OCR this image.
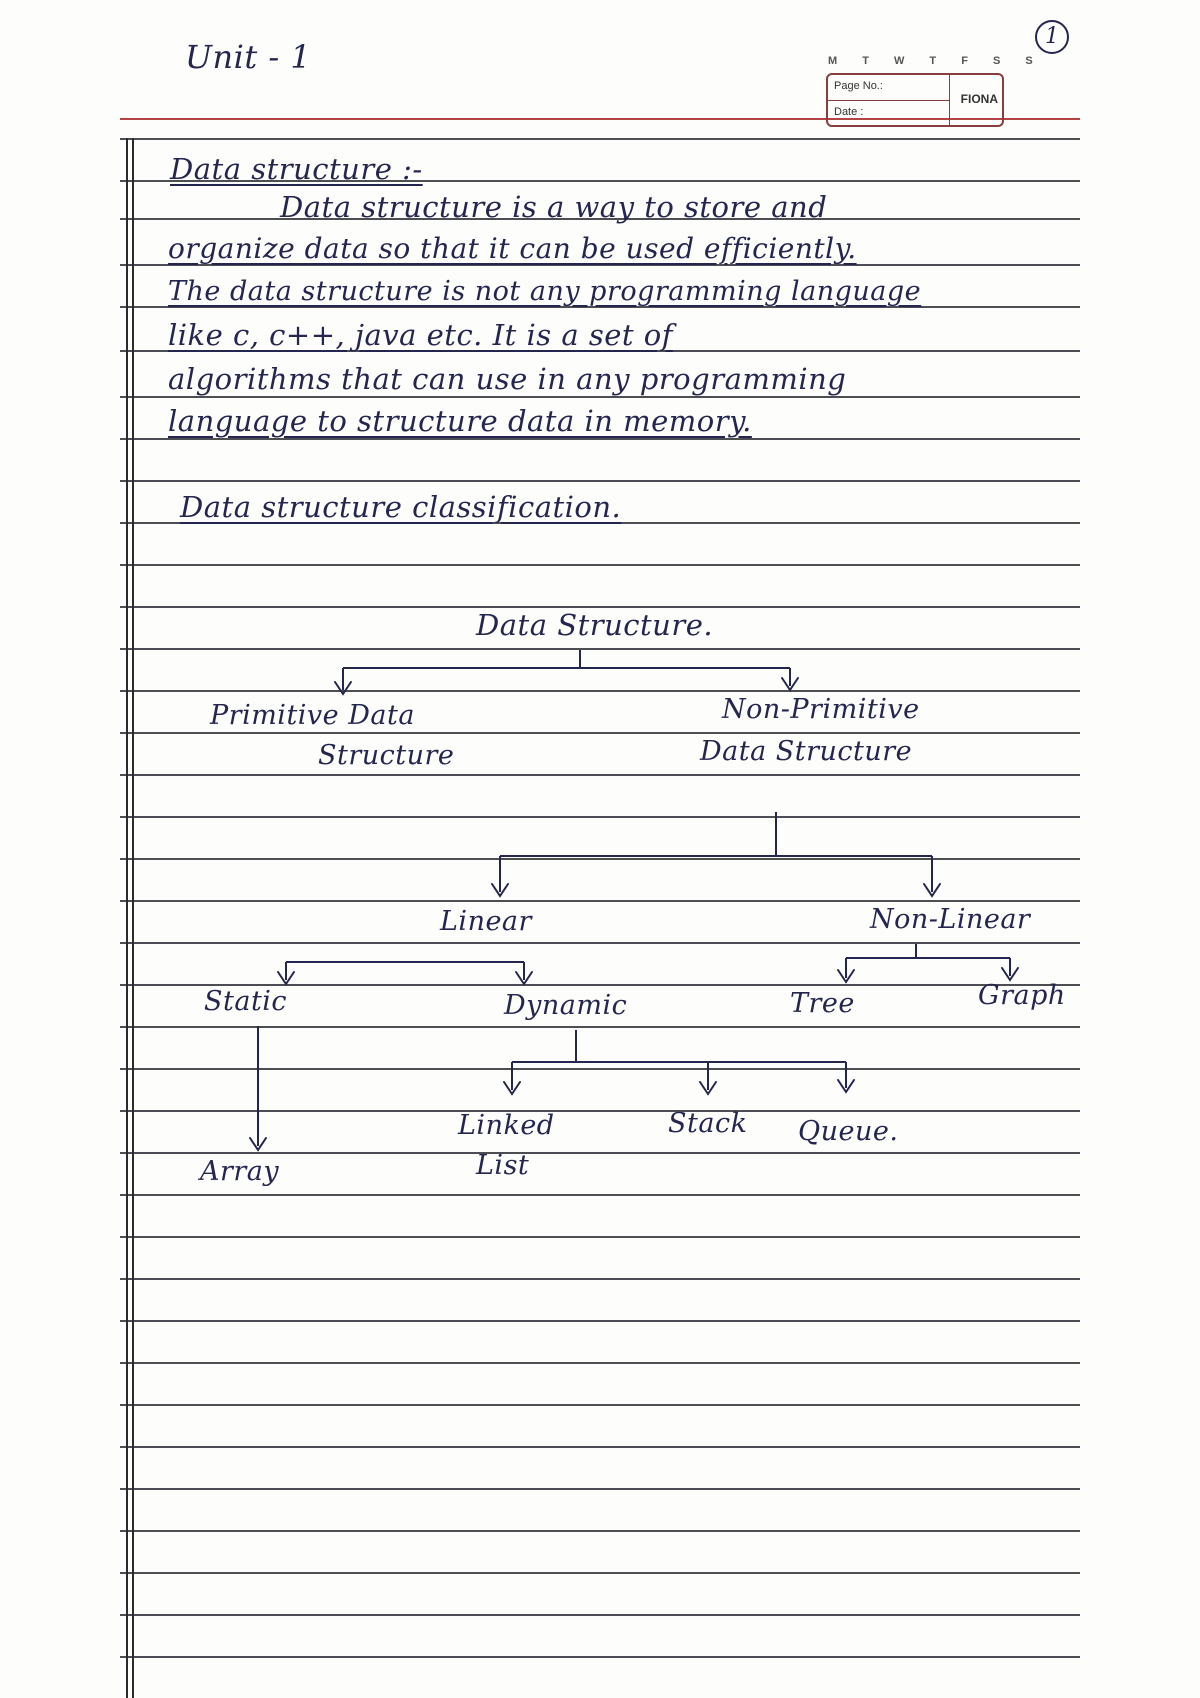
Unit - 1
1
M T W T F S S
Page No.:
Date :
FIONA
Data structure :-
Data structure is a way to store and
organize data so that it can be used efficiently.
The data structure is not any programming language
like c, c++, java etc. It is a set of
algorithms that can use in any programming
language to structure data in memory.
Data structure classification.
Data Structure.
Primitive Data
Structure
Non-Primitive
Data Structure
Linear	Non-Linear
Static	Dynamic	Tree	Graph
Linked
List
Stack Queue.
Array
